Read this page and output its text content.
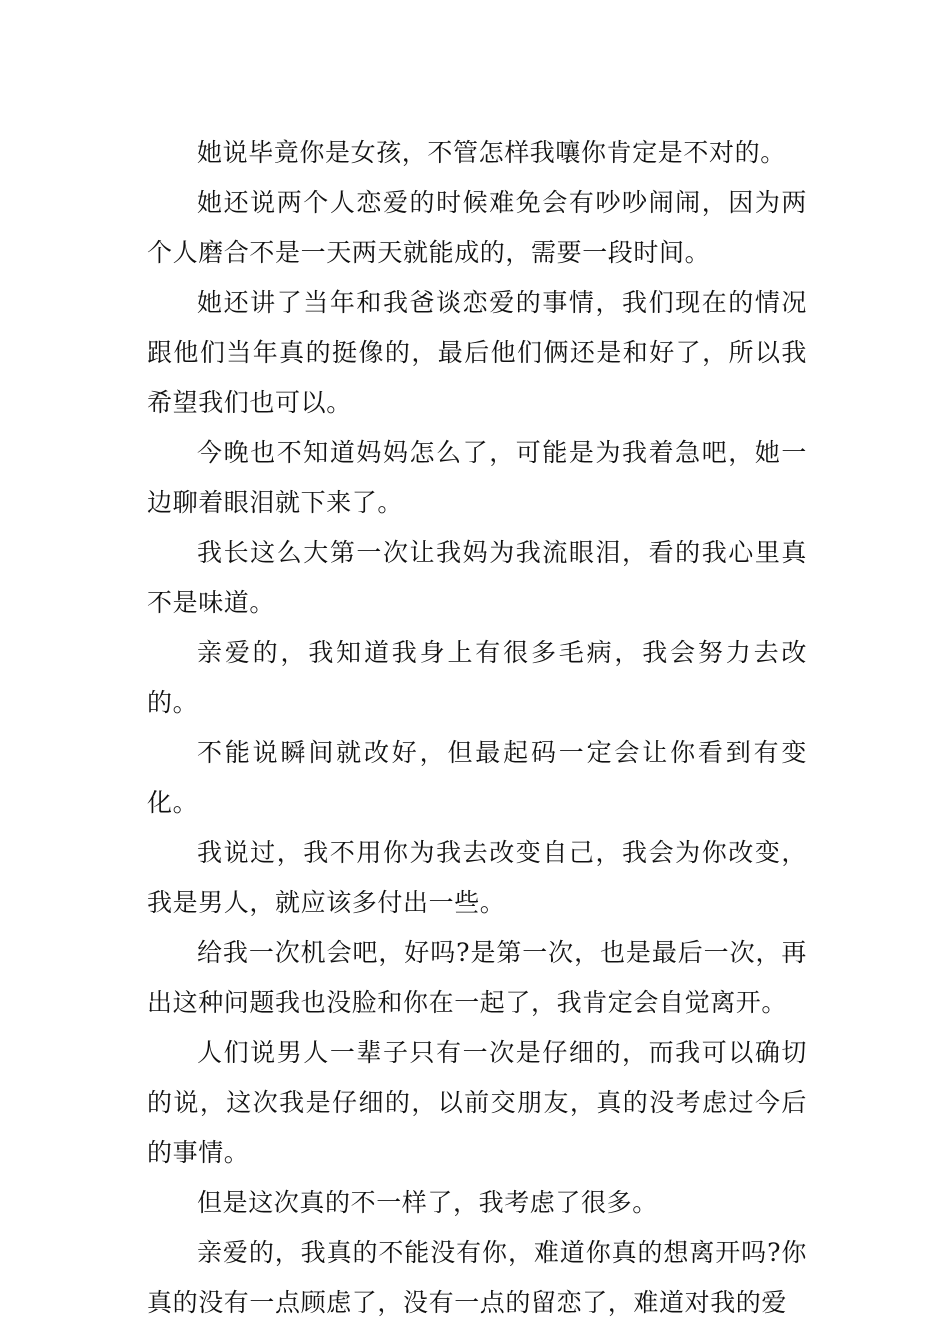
她说毕竟你是女孩，不管怎样我嚷你肯定是不对的。

她还说两个人恋爱的时候难免会有吵吵闹闹，因为两个人磨合不是一天两天就能成的，需要一段时间。

她还讲了当年和我爸谈恋爱的事情，我们现在的情况跟他们当年真的挺像的，最后他们俩还是和好了，所以我希望我们也可以。

今晚也不知道妈妈怎么了，可能是为我着急吧，她一边聊着眼泪就下来了。

我长这么大第一次让我妈为我流眼泪，看的我心里真不是味道。

亲爱的，我知道我身上有很多毛病，我会努力去改的。

不能说瞬间就改好，但最起码一定会让你看到有变化。

我说过，我不用你为我去改变自己，我会为你改变，我是男人，就应该多付出一些。

给我一次机会吧，好吗?是第一次，也是最后一次，再出这种问题我也没脸和你在一起了，我肯定会自觉离开。

人们说男人一辈子只有一次是仔细的，而我可以确切的说，这次我是仔细的，以前交朋友，真的没考虑过今后的事情。

但是这次真的不一样了，我考虑了很多。

亲爱的，我真的不能没有你，难道你真的想离开吗?你真的没有一点顾虑了，没有一点的留恋了，难道对我的爱
